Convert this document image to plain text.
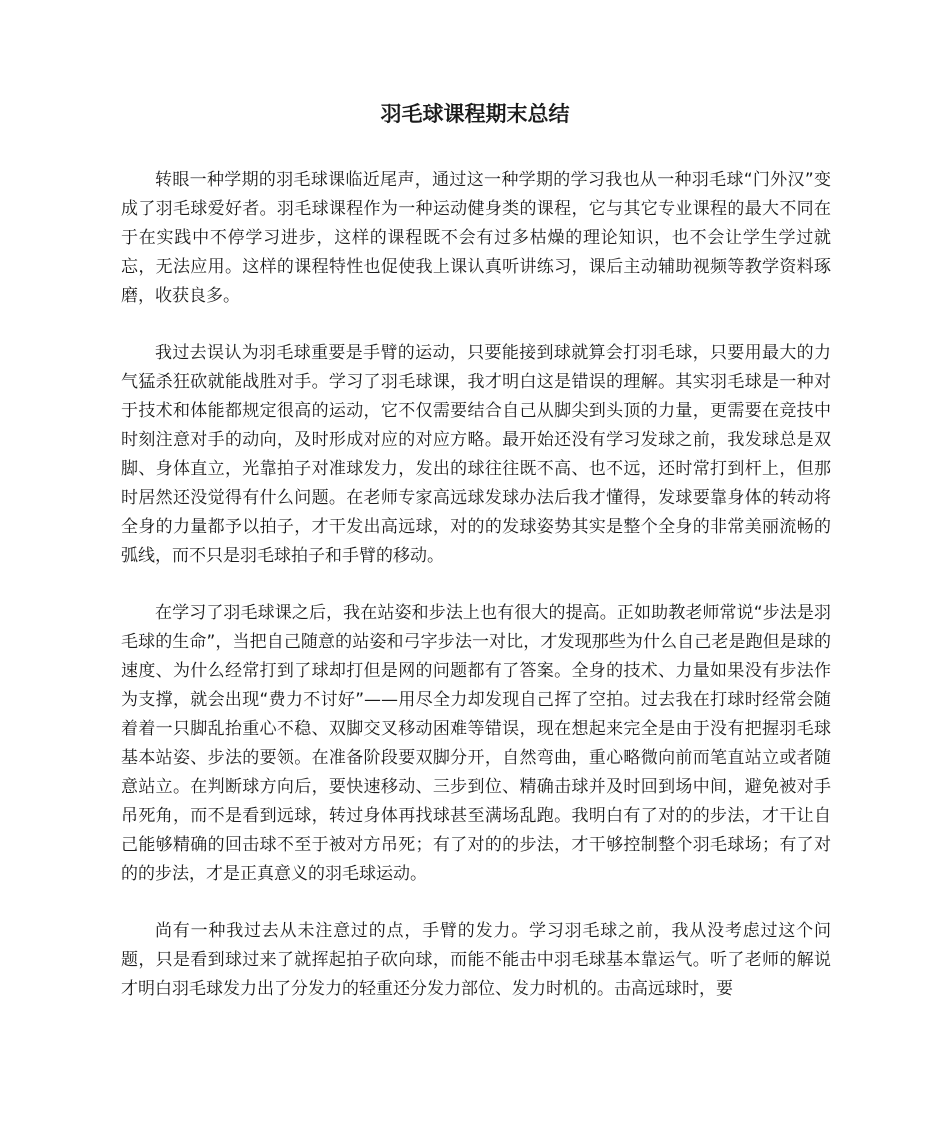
羽毛球课程期末总结

转眼一种学期的羽毛球课临近尾声，通过这一种学期的学习我也从一种羽毛球“门外汉”变成了羽毛球爱好者。羽毛球课程作为一种运动健身类的课程，它与其它专业课程的最大不同在于在实践中不停学习进步，这样的课程既不会有过多枯燥的理论知识，也不会让学生学过就忘，无法应用。这样的课程特性也促使我上课认真听讲练习，课后主动辅助视频等教学资料琢磨，收获良多。

我过去误认为羽毛球重要是手臂的运动，只要能接到球就算会打羽毛球，只要用最大的力气猛杀狂砍就能战胜对手。学习了羽毛球课，我才明白这是错误的理解。其实羽毛球是一种对于技术和体能都规定很高的运动，它不仅需要结合自己从脚尖到头顶的力量，更需要在竞技中时刻注意对手的动向，及时形成对应的对应方略。最开始还没有学习发球之前，我发球总是双脚、身体直立，光靠拍子对准球发力，发出的球往往既不高、也不远，还时常打到杆上，但那时居然还没觉得有什么问题。在老师专家高远球发球办法后我才懂得，发球要靠身体的转动将全身的力量都予以拍子，才干发出高远球，对的的发球姿势其实是整个全身的非常美丽流畅的弧线，而不只是羽毛球拍子和手臂的移动。

在学习了羽毛球课之后，我在站姿和步法上也有很大的提高。正如助教老师常说“步法是羽毛球的生命”，当把自己随意的站姿和弓字步法一对比，才发现那些为什么自己老是跑但是球的速度、为什么经常打到了球却打但是网的问题都有了答案。全身的技术、力量如果没有步法作为支撑，就会出现“费力不讨好”——用尽全力却发现自己挥了空拍。过去我在打球时经常会随着着一只脚乱抬重心不稳、双脚交叉移动困难等错误，现在想起来完全是由于没有把握羽毛球基本站姿、步法的要领。在准备阶段要双脚分开，自然弯曲，重心略微向前而笔直站立或者随意站立。在判断球方向后，要快速移动、三步到位、精确击球并及时回到场中间，避免被对手吊死角，而不是看到远球，转过身体再找球甚至满场乱跑。我明白有了对的的步法，才干让自己能够精确的回击球不至于被对方吊死；有了对的的步法，才干够控制整个羽毛球场；有了对的的步法，才是正真意义的羽毛球运动。

尚有一种我过去从未注意过的点，手臂的发力。学习羽毛球之前，我从没考虑过这个问题，只是看到球过来了就挥起拍子砍向球，而能不能击中羽毛球基本靠运气。听了老师的解说才明白羽毛球发力出了分发力的轻重还分发力部位、发力时机的。击高远球时，要
